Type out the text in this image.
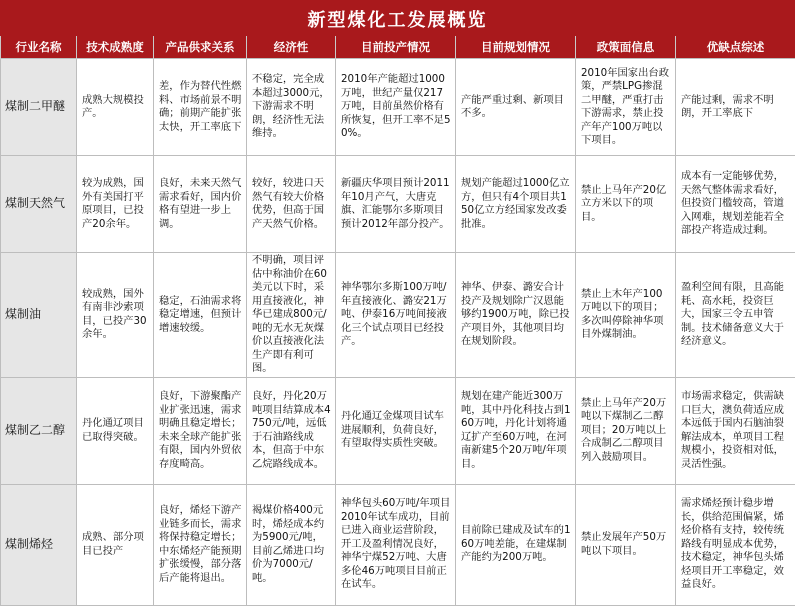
新型煤化工发展概览
行业名称	技术成熟度	产品供求关系	经济性	目前投产情况	目前规划情况	政策面信息	优缺点综述
煤制二甲醚	成熟大规模投产。	差，作为替代性燃料、市场前景不明确；前期产能扩张太快，开工率底下	不稳定，完全成本超过3000元，下游需求不明朗，经济性无法维持。	2010年产能超过1000万吨，世纪产量仅217万吨，目前虽然价格有所恢复，但开工率不足50%。	产能严重过剩、新项目不多。	2010年国家出台政策，严禁LPG掺混二甲醚，严重打击下游需求，禁止投产年产100万吨以下项目。	产能过剩，需求不明朗，开工率底下
煤制天然气	较为成熟，国外有美国打平原项目，已投产20余年。	良好，未来天然气需求看好，国内价格有望进一步上调。	较好，较进口天然气有较大价格优势，但高于国产天然气价格。	新疆庆华项目预计2011年10月产气，大唐克旗、汇能鄂尔多斯项目预计2012年部分投产。	规划产能超过1000亿立方，但只有4个项目共150亿立方经国家发改委批准。	禁止上马年产20亿立方米以下的项目。	成本有一定能够优势，天然气整体需求看好，但投资门槛较高，管道入网难，规划差能若全部投产将造成过剩。
煤制油	较成熟，国外有南非沙索项目，已投产30余年。	稳定，石油需求将稳定增速，但预计增速较缓。	不明确，项目评估中称油价在60美元以下时，采用直接液化，神华已建成800元/吨的无水无灰煤价以直接液化法生产即有利可图。	神华鄂尔多斯100万吨/年直接液化、潞安21万吨、伊泰16万吨间接液化三个试点项目已经投产。	神华、伊泰、潞安合计投产及规划除广汉恩能够约1900万吨，除已投产项目外，其他项目均在规划阶段。	禁止上木年产100万吨以下的项目；多次叫停除神华项目外煤制油。	盈利空间有限，且高能耗、高水耗，投资巨大，国家三令五申管制。技术储备意义大于经济意义。
煤制乙二醇	丹化通辽项目已取得突破。	良好，下游聚酯产业扩张迅速，需求明确且稳定增长；未来全球产能扩张有限，国内外贸依存度畸高。	良好，丹化20万吨项目结算成本4750元/吨，远低于石油路线成本，但高于中东乙烷路线成本。	丹化通辽金煤项目试车进展顺利，负荷良好，有望取得实质性突破。	规划在建产能近300万吨，其中丹化科技占到160万吨，丹化计划将通辽扩产至60万吨，在河南新建5个20万吨/年项目。	禁止上马年产20万吨以下煤制乙二醇项目；20万吨以上合成制乙二醇项目列入鼓励项目。	市场需求稳定，供需缺口巨大，澳负荷适应成本远低于国内石脑油裂解法成本，单项目工程规模小，投资相对低，灵活性强。
煤制烯烃	成熟、部分项目已投产	良好，烯烃下游产业链多而长，需求将保持稳定增长；中东烯烃产能预期扩张缓慢，部分落后产能将退出。	褐煤价格400元时，烯烃成本约为5900元/吨，目前乙烯进口均价为7000元/吨。	神华包头60万吨/年项目2010年试车成功，目前已进入商业运营阶段，开工及盈利情况良好，神华宁煤52万吨、大唐多伦46万吨项目目前正在试车。	目前除已建成及试车的160万吨差能，在建煤制产能约为200万吨。	禁止发展年产50万吨以下项目。	需求烯烃预计稳步增长，供给范围偏紧，烯烃价格有支持，较传统路线有明显成本优势，技术稳定，神华包头烯烃项目开工率稳定，效益良好。
